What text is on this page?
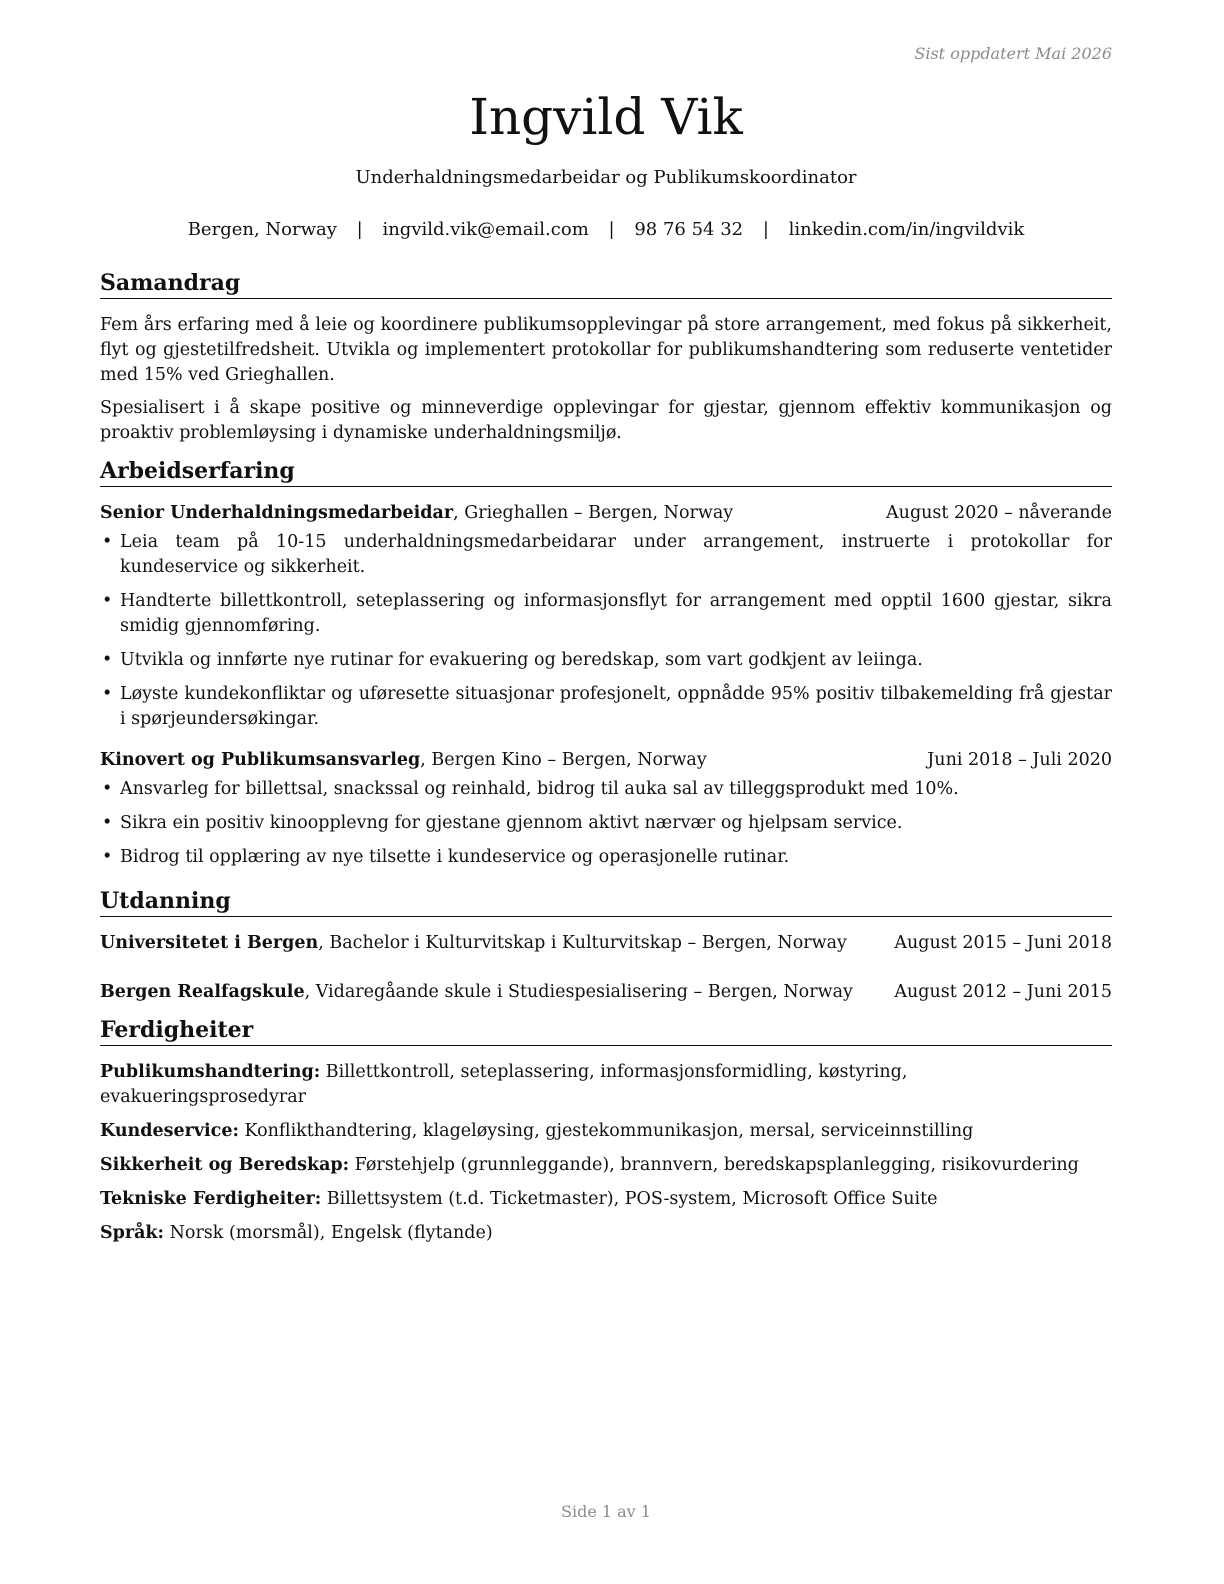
Sist oppdatert Mai 2026
Ingvild Vik
Underhaldningsmedarbeidar og Publikumskoordinator
Bergen, Norway | ingvild.vik@email.com | 98 76 54 32 | linkedin.com/in/ingvildvik
Samandrag

Fem års erfaring med å leie og koordinere publikumsopplevingar på store arrangement, med fokus på sikkerheit, flyt og gjestetilfredsheit. Utvikla og implementert protokollar for publikumshandtering som reduserte ventetider med 15% ved Grieghallen.

Spesialisert i å skape positive og minneverdige opplevingar for gjestar, gjennom effektiv kommunikasjon og proaktiv problemløysing i dynamiske underhaldningsmiljø.

Arbeidserfaring
Senior Underhaldningsmedarbeidar, Grieghallen – Bergen, Norway	August 2020 – nåverande
• Leia team på 10-15 underhaldningsmedarbeidarar under arrangement, instruerte i protokollar for kundeservice og sikkerheit.
• Handterte billettkontroll, seteplassering og informasjonsflyt for arrangement med opptil 1600 gjestar, sikra smidig gjennomføring.
• Utvikla og innførte nye rutinar for evakuering og beredskap, som vart godkjent av leiinga.
• Løyste kundekonfliktar og uføresette situasjonar profesjonelt, oppnådde 95% positiv tilbakemelding frå gjestar i spørjeundersøkingar.
Kinovert og Publikumsansvarleg, Bergen Kino – Bergen, Norway	Juni 2018 – Juli 2020
• Ansvarleg for billettsal, snackssal og reinhald, bidrog til auka sal av tilleggsprodukt med 10%.
• Sikra ein positiv kinoopplevng for gjestane gjennom aktivt nærvær og hjelpsam service.
• Bidrog til opplæring av nye tilsette i kundeservice og operasjonelle rutinar.
Utdanning
Universitetet i Bergen, Bachelor i Kulturvitskap i Kulturvitskap – Bergen, Norway	August 2015 – Juni 2018
Bergen Realfagskule, Vidaregåande skule i Studiespesialisering – Bergen, Norway August 2012 – Juni 2015
Ferdigheiter
Publikumshandtering: Billettkontroll, seteplassering, informasjonsformidling, køstyring, evakueringsprosedyrar
Kundeservice: Konflikthandtering, klageløysing, gjestekommunikasjon, mersal, serviceinnstilling
Sikkerheit og Beredskap: Førstehjelp (grunnleggande), brannvern, beredskapsplanlegging, risikovurdering
Tekniske Ferdigheiter: Billettsystem (t.d. Ticketmaster), POS-system, Microsoft Office Suite
Språk: Norsk (morsmål), Engelsk (flytande)
Side 1 av 1
